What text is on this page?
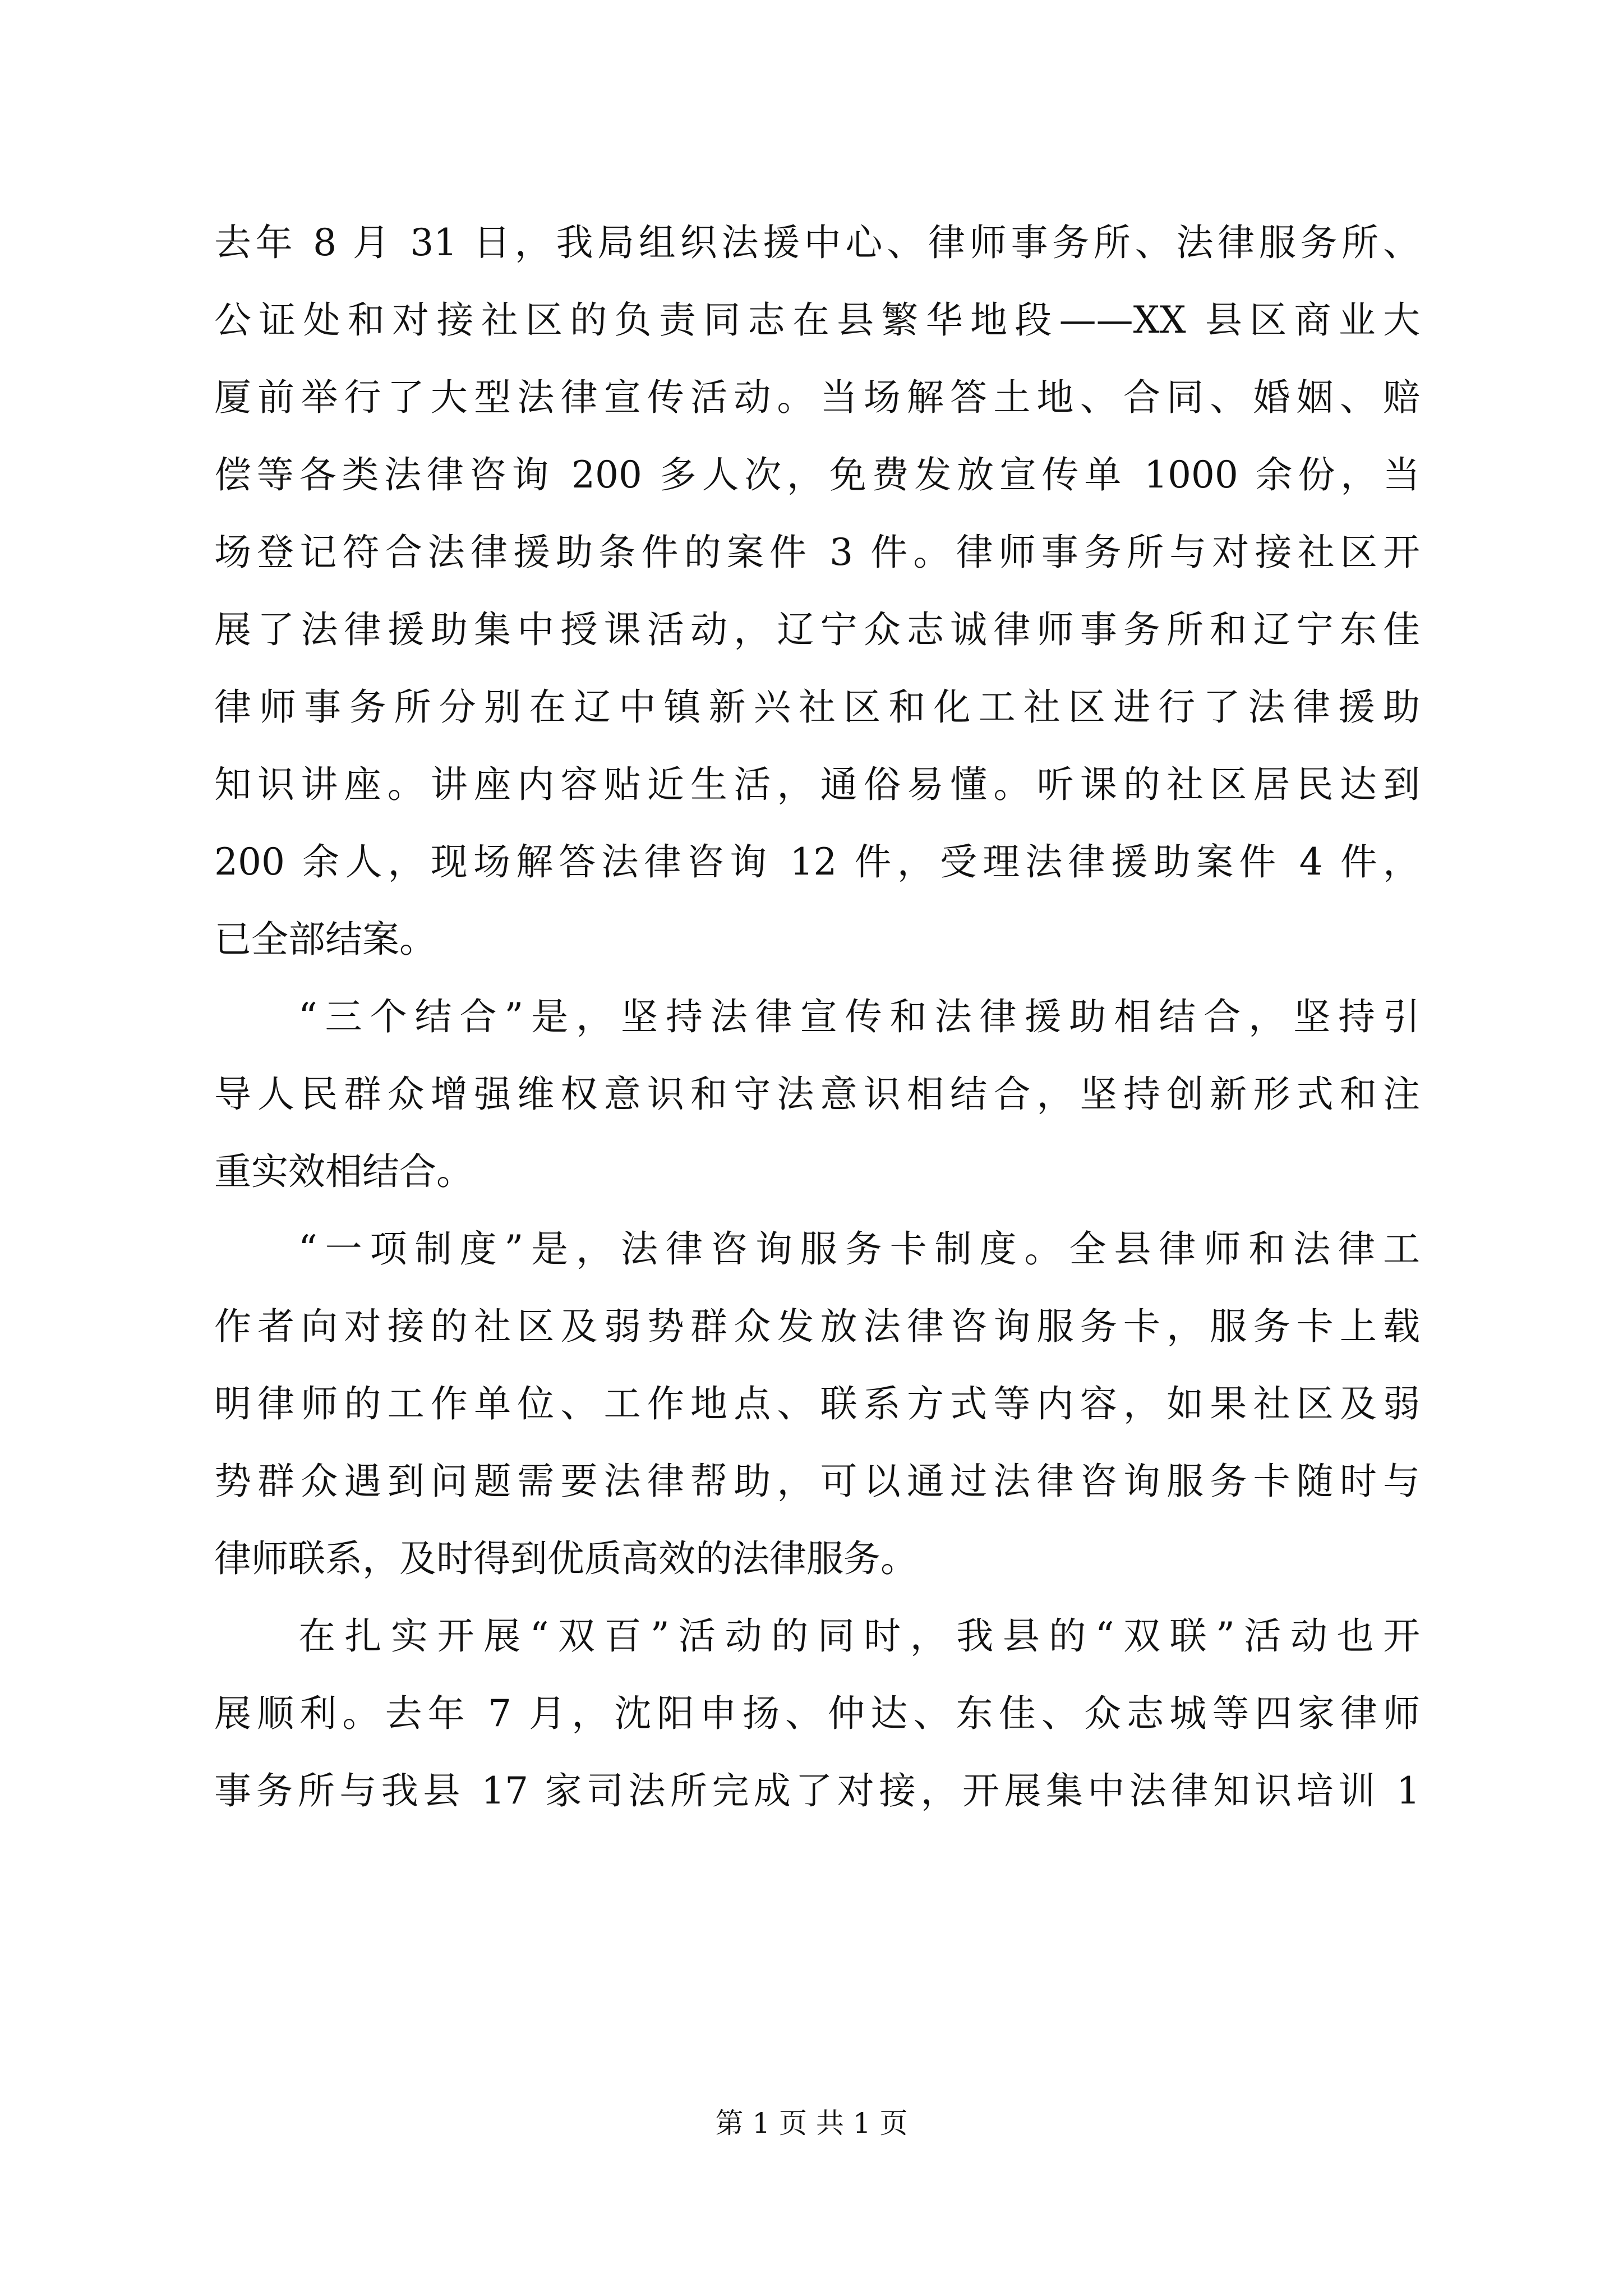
去年 8 月 31 日，我局组织法援中心、律师事务所、法律服务所、
公证处和对接社区的负责同志在县繁华地段——XX 县区商业大
厦前举行了大型法律宣传活动。当场解答土地、合同、婚姻、赔
偿等各类法律咨询 200 多人次，免费发放宣传单 1000 余份，当
场登记符合法律援助条件的案件 3 件。律师事务所与对接社区开
展了法律援助集中授课活动，辽宁众志诚律师事务所和辽宁东佳
律师事务所分别在辽中镇新兴社区和化工社区进行了法律援助
知识讲座。讲座内容贴近生活，通俗易懂。听课的社区居民达到
200 余人，现场解答法律咨询 12 件，受理法律援助案件 4 件，
已全部结案。
“三个结合”是，坚持法律宣传和法律援助相结合，坚持引
导人民群众增强维权意识和守法意识相结合，坚持创新形式和注
重实效相结合。
“一项制度”是，法律咨询服务卡制度。全县律师和法律工
作者向对接的社区及弱势群众发放法律咨询服务卡，服务卡上载
明律师的工作单位、工作地点、联系方式等内容，如果社区及弱
势群众遇到问题需要法律帮助，可以通过法律咨询服务卡随时与
律师联系，及时得到优质高效的法律服务。
在扎实开展“双百”活动的同时，我县的“双联”活动也开
展顺利。去年 7 月，沈阳申扬、仲达、东佳、众志城等四家律师
事务所与我县 17 家司法所完成了对接，开展集中法律知识培训 1
第 1 页 共 1 页
